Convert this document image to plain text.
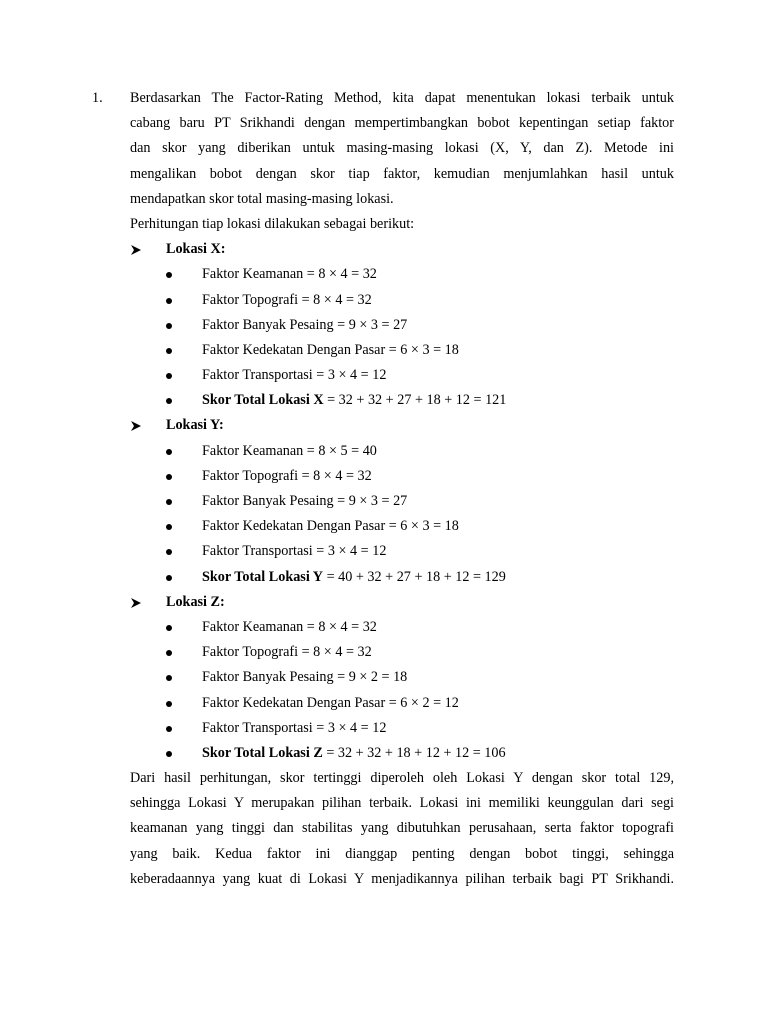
1. Berdasarkan The Factor-Rating Method, kita dapat menentukan lokasi terbaik untuk
cabang baru PT Srikhandi dengan mempertimbangkan bobot kepentingan setiap faktor
dan skor yang diberikan untuk masing-masing lokasi (X, Y, dan Z). Metode ini
mengalikan bobot dengan skor tiap faktor, kemudian menjumlahkan hasil untuk
mendapatkan skor total masing-masing lokasi.
Perhitungan tiap lokasi dilakukan sebagai berikut:
Lokasi X:
Faktor Keamanan = 8 × 4 = 32
Faktor Topografi = 8 × 4 = 32
Faktor Banyak Pesaing = 9 × 3 = 27
Faktor Kedekatan Dengan Pasar = 6 × 3 = 18
Faktor Transportasi = 3 × 4 = 12
Skor Total Lokasi X = 32 + 32 + 27 + 18 + 12 = 121
Lokasi Y:
Faktor Keamanan = 8 × 5 = 40
Faktor Topografi = 8 × 4 = 32
Faktor Banyak Pesaing = 9 × 3 = 27
Faktor Kedekatan Dengan Pasar = 6 × 3 = 18
Faktor Transportasi = 3 × 4 = 12
Skor Total Lokasi Y = 40 + 32 + 27 + 18 + 12 = 129
Lokasi Z:
Faktor Keamanan = 8 × 4 = 32
Faktor Topografi = 8 × 4 = 32
Faktor Banyak Pesaing = 9 × 2 = 18
Faktor Kedekatan Dengan Pasar = 6 × 2 = 12
Faktor Transportasi = 3 × 4 = 12
Skor Total Lokasi Z = 32 + 32 + 18 + 12 + 12 = 106
Dari hasil perhitungan, skor tertinggi diperoleh oleh Lokasi Y dengan skor total 129,
sehingga Lokasi Y merupakan pilihan terbaik. Lokasi ini memiliki keunggulan dari segi
keamanan yang tinggi dan stabilitas yang dibutuhkan perusahaan, serta faktor topografi
yang baik. Kedua faktor ini dianggap penting dengan bobot tinggi, sehingga
keberadaannya yang kuat di Lokasi Y menjadikannya pilihan terbaik bagi PT Srikhandi.
